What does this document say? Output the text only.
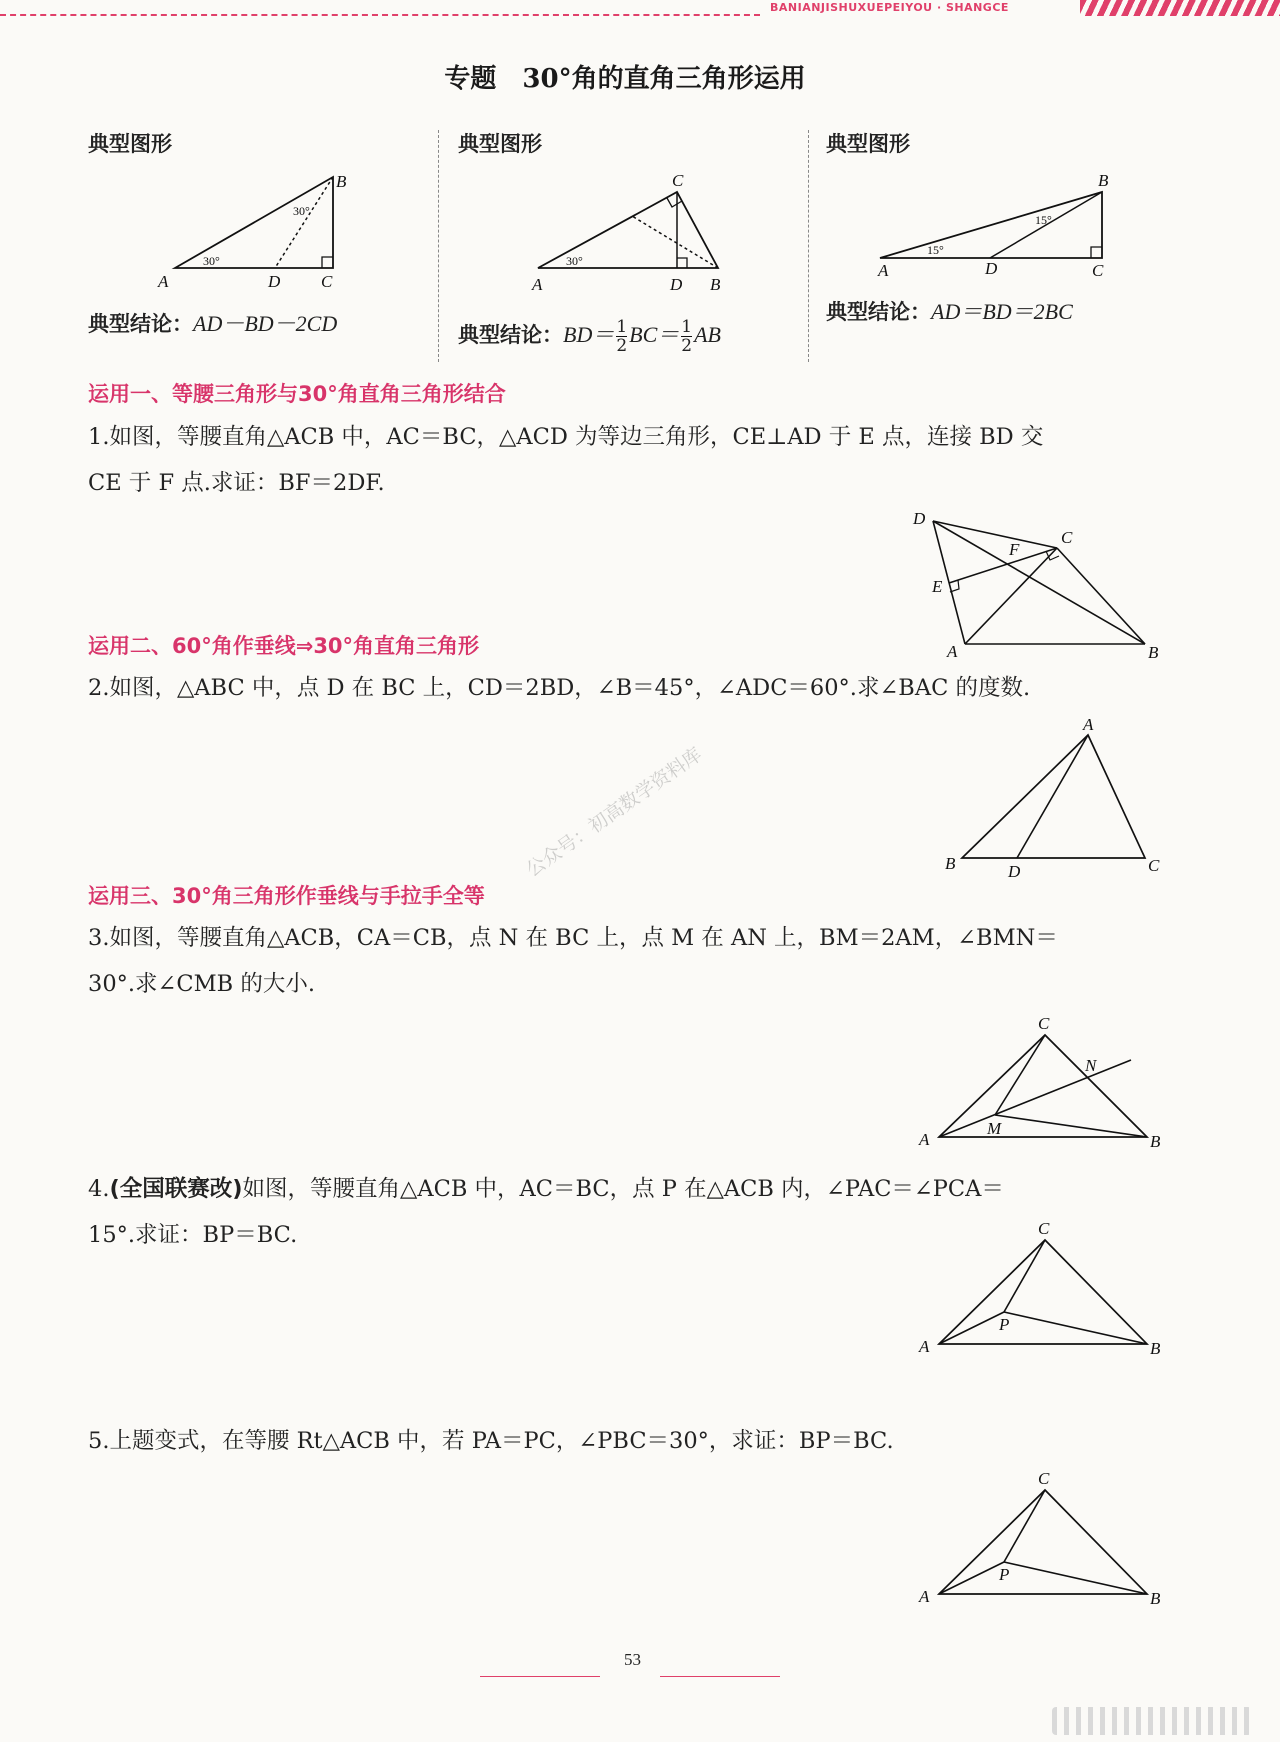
BANIANJISHUXUEPEIYOU · SHANGCE
专题　30°角的直角三角形运用
典型图形
A
B
C
D
30°
30°
典型结论：AD－BD－2CD
典型图形
A	B
C
D
30°
典型结论：$BD= \frac{1}{2} BC= \frac{1}{2}$ AB
典型图形
A
B
C
D
15°
15°
典型结论：AD＝BD＝2BC
运用一、等腰三角形与30°角直角三角形结合
1.如图，等腰直角△ACB 中，AC＝BC，△ACD 为等边三角形，CE⊥AD 于 E 点，连接 BD 交
CE 于 F 点.求证：BF＝2DF.
D
F
C
E
A	B
运用二、60°角作垂线⇒30°角直角三角形
2.如图，△ABC 中，点 D 在 BC 上，CD＝2BD，∠B＝45°，∠ADC＝60°.求∠BAC 的度数.
A
B	C
D
运用三、30°角三角形作垂线与手拉手全等
3.如图，等腰直角△ACB，CA＝CB，点 N 在 BC 上，点 M 在 AN 上，BM＝2AM，∠BMN＝
30°.求∠CMB 的大小.
C
N
M
A	B
4.(全国联赛改)如图，等腰直角△ACB 中，AC＝BC，点 P 在△ACB 内，∠PAC＝∠PCA＝
15°.求证：BP＝BC.	C
P
A	B
5.上题变式，在等腰 Rt△ACB 中，若 PA＝PC，∠PBC＝30°，求证：BP＝BC.
C
P
A	B
公众号：初高数学资料库
53
